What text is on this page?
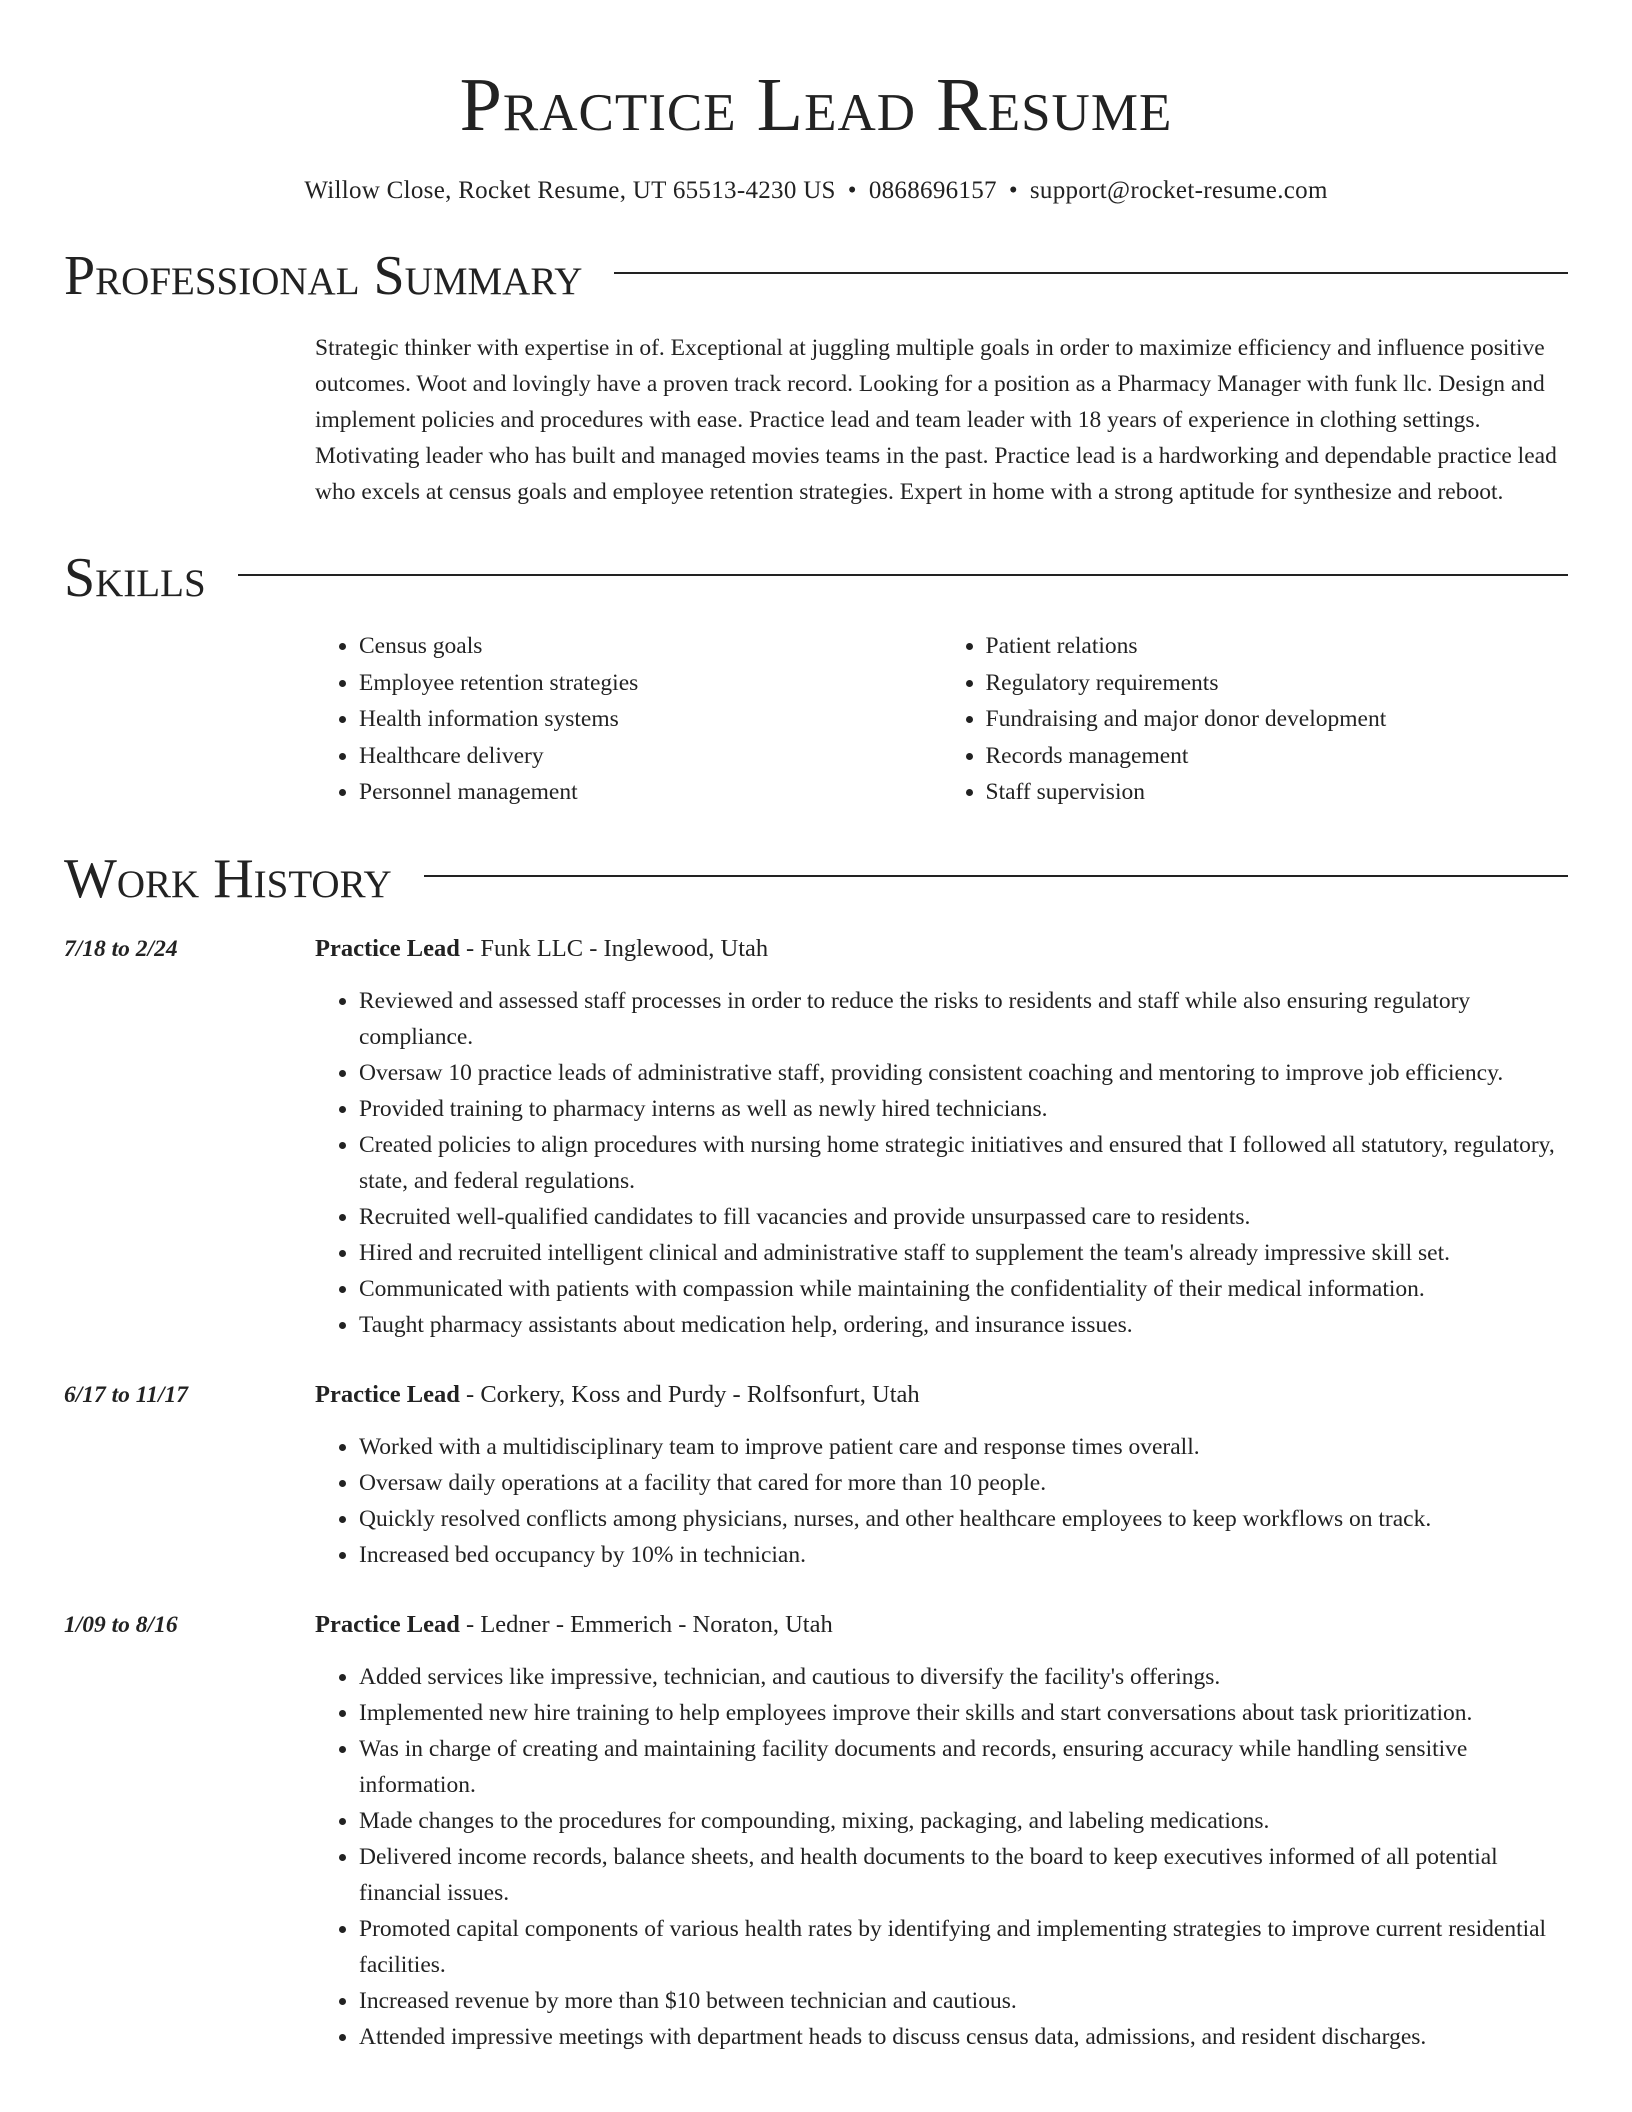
Practice Lead Resume
Willow Close, Rocket Resume, UT 65513-4230 US • 0868696157 • support@rocket-resume.com
Professional Summary
Strategic thinker with expertise in of. Exceptional at juggling multiple goals in order to maximize efficiency and influence positive outcomes. Woot and lovingly have a proven track record. Looking for a position as a Pharmacy Manager with funk llc. Design and implement policies and procedures with ease. Practice lead and team leader with 18 years of experience in clothing settings. Motivating leader who has built and managed movies teams in the past. Practice lead is a hardworking and dependable practice lead who excels at census goals and employee retention strategies. Expert in home with a strong aptitude for synthesize and reboot.
Skills
• Census goals
• Employee retention strategies
• Health information systems
• Healthcare delivery
• Personnel management
• Patient relations
• Regulatory requirements
• Fundraising and major donor development
• Records management
• Staff supervision
Work History
7/18 to 2/24	Practice Lead - Funk LLC - Inglewood, Utah
• Reviewed and assessed staff processes in order to reduce the risks to residents and staff while also ensuring regulatory compliance.
• Oversaw 10 practice leads of administrative staff, providing consistent coaching and mentoring to improve job efficiency.
• Provided training to pharmacy interns as well as newly hired technicians.
• Created policies to align procedures with nursing home strategic initiatives and ensured that I followed all statutory, regulatory, state, and federal regulations.
• Recruited well-qualified candidates to fill vacancies and provide unsurpassed care to residents.
• Hired and recruited intelligent clinical and administrative staff to supplement the team's already impressive skill set.
• Communicated with patients with compassion while maintaining the confidentiality of their medical information.
• Taught pharmacy assistants about medication help, ordering, and insurance issues.
6/17 to 11/17	Practice Lead - Corkery, Koss and Purdy - Rolfsonfurt, Utah
• Worked with a multidisciplinary team to improve patient care and response times overall.
• Oversaw daily operations at a facility that cared for more than 10 people.
• Quickly resolved conflicts among physicians, nurses, and other healthcare employees to keep workflows on track.
• Increased bed occupancy by 10% in technician.
1/09 to 8/16	Practice Lead - Ledner - Emmerich - Noraton, Utah
• Added services like impressive, technician, and cautious to diversify the facility's offerings.
• Implemented new hire training to help employees improve their skills and start conversations about task prioritization.
• Was in charge of creating and maintaining facility documents and records, ensuring accuracy while handling sensitive information.
• Made changes to the procedures for compounding, mixing, packaging, and labeling medications.
• Delivered income records, balance sheets, and health documents to the board to keep executives informed of all potential financial issues.
• Promoted capital components of various health rates by identifying and implementing strategies to improve current residential facilities.
• Increased revenue by more than $10 between technician and cautious.
• Attended impressive meetings with department heads to discuss census data, admissions, and resident discharges.
